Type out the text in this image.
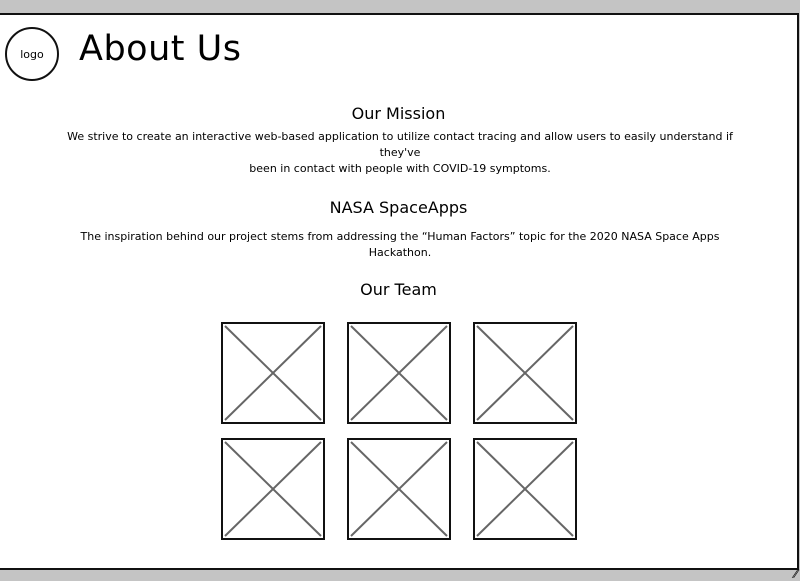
logo About Us
Our Mission
We strive to create an interactive web-based application to utilize contact tracing and allow users to easily understand if they've
been in contact with people with COVID-19 symptoms.
NASA SpaceApps
The inspiration behind our project stems from addressing the “Human Factors” topic for the 2020 NASA Space Apps Hackathon.
Our Team
//
